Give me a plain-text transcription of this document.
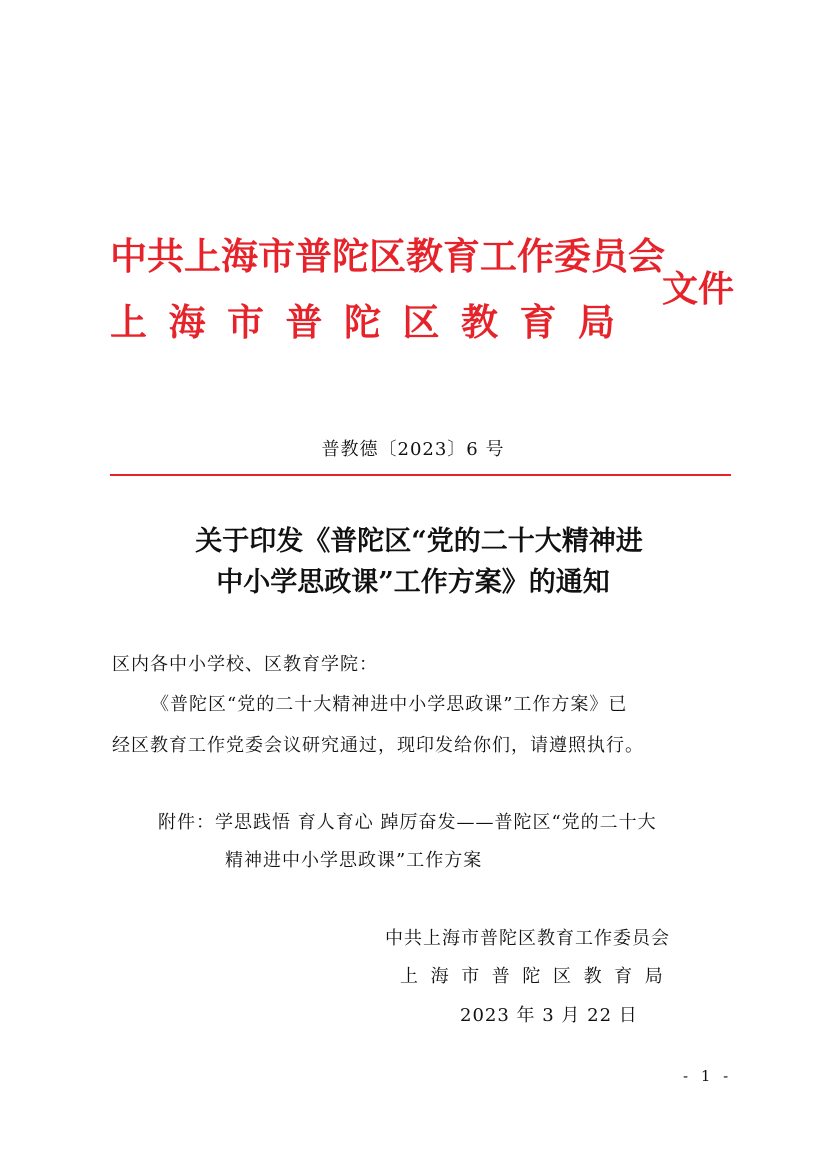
中共上海市普陀区教育工作委员会
上海市普陀区教育局
文件
普教德〔2023〕6 号
关于印发《普陀区“党的二十大精神进
中小学思政课”工作方案》的通知
区内各中小学校、区教育学院：
《普陀区“党的二十大精神进中小学思政课”工作方案》已
经区教育工作党委会议研究通过，现印发给你们，请遵照执行。
附件：学思践悟 育人育心 踔厉奋发——普陀区“党的二十大
精神进中小学思政课”工作方案
中共上海市普陀区教育工作委员会
上海市普陀区教育局
2023 年 3 月 22 日
- 1 -
